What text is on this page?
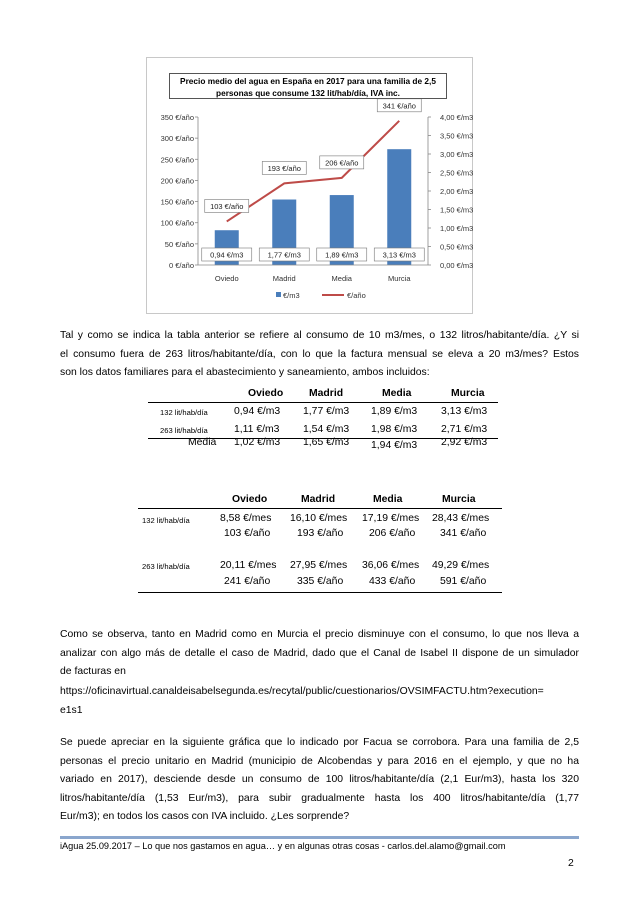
0 €/año
50 €/año
100 €/año
150 €/año
200 €/año
250 €/año
300 €/año
350 €/año
0,00 €/m3
0,50 €/m3
1,00 €/m3
1,50 €/m3
2,00 €/m3
2,50 €/m3
3,00 €/m3
3,50 €/m3
4,00 €/m3
0,94 €/m3	1,77 €/m3	1,89 €/m3	3,13 €/m3
103 €/año
193 €/año
206 €/año
341 €/año
Oviedo	Madrid	Media	Murcia
€/m3	€/año
Precio medio del agua en España en 2017 para una familia de 2,5
personas que consume 132 lit/hab/día, IVA inc.
Tal y como se indica la tabla anterior se refiere al consumo de 10 m3/mes, o 132 litros/habitante/día. ¿Y si
el consumo fuera de 263 litros/habitante/día, con lo que la factura mensual se eleva a 20 m3/mes? Estos
son los datos familiares para el abastecimiento y saneamiento, ambos incluidos:
Oviedo Madrid	Media	Murcia
132 lit/hab/día	0,94 €/m3 1,77 €/m3 1,89 €/m3 3,13 €/m3
263 lit/hab/día	1,11 €/m3 1,54 €/m3 1,98 €/m3 2,71 €/m3
Media 1,02 €/m3 1,65 €/m3 1,94 €/m3 2,92 €/m3
Oviedo	Madrid	Media	Murcia
132 lit/hab/día	8,58 €/mes 16,10 €/mes 17,19 €/mes 28,43 €/mes
103 €/año	193 €/año 206 €/año 341 €/año
263 lit/hab/día	20,11 €/mes 27,95 €/mes 36,06 €/mes 49,29 €/mes
241 €/año	335 €/año 433 €/año 591 €/año
Como se observa, tanto en Madrid como en Murcia el precio disminuye con el consumo, lo que nos lleva a
analizar con algo más de detalle el caso de Madrid, dado que el Canal de Isabel II dispone de un simulador
de facturas en
https://oficinavirtual.canaldeisabelsegunda.es/recytal/public/cuestionarios/OVSIMFACTU.htm?execution=
e1s1
Se puede apreciar en la siguiente gráfica que lo indicado por Facua se corrobora. Para una familia de 2,5
personas el precio unitario en Madrid (municipio de Alcobendas y para 2016 en el ejemplo, y que no ha
variado en 2017), desciende desde un consumo de 100 litros/habitante/día (2,1 Eur/m3), hasta los 320
litros/habitante/día (1,53 Eur/m3), para subir gradualmente hasta los 400 litros/habitante/día (1,77
Eur/m3); en todos los casos con IVA incluido. ¿Les sorprende?
iAgua 25.09.2017 – Lo que nos gastamos en agua… y en algunas otras cosas - carlos.del.alamo@gmail.com
2
